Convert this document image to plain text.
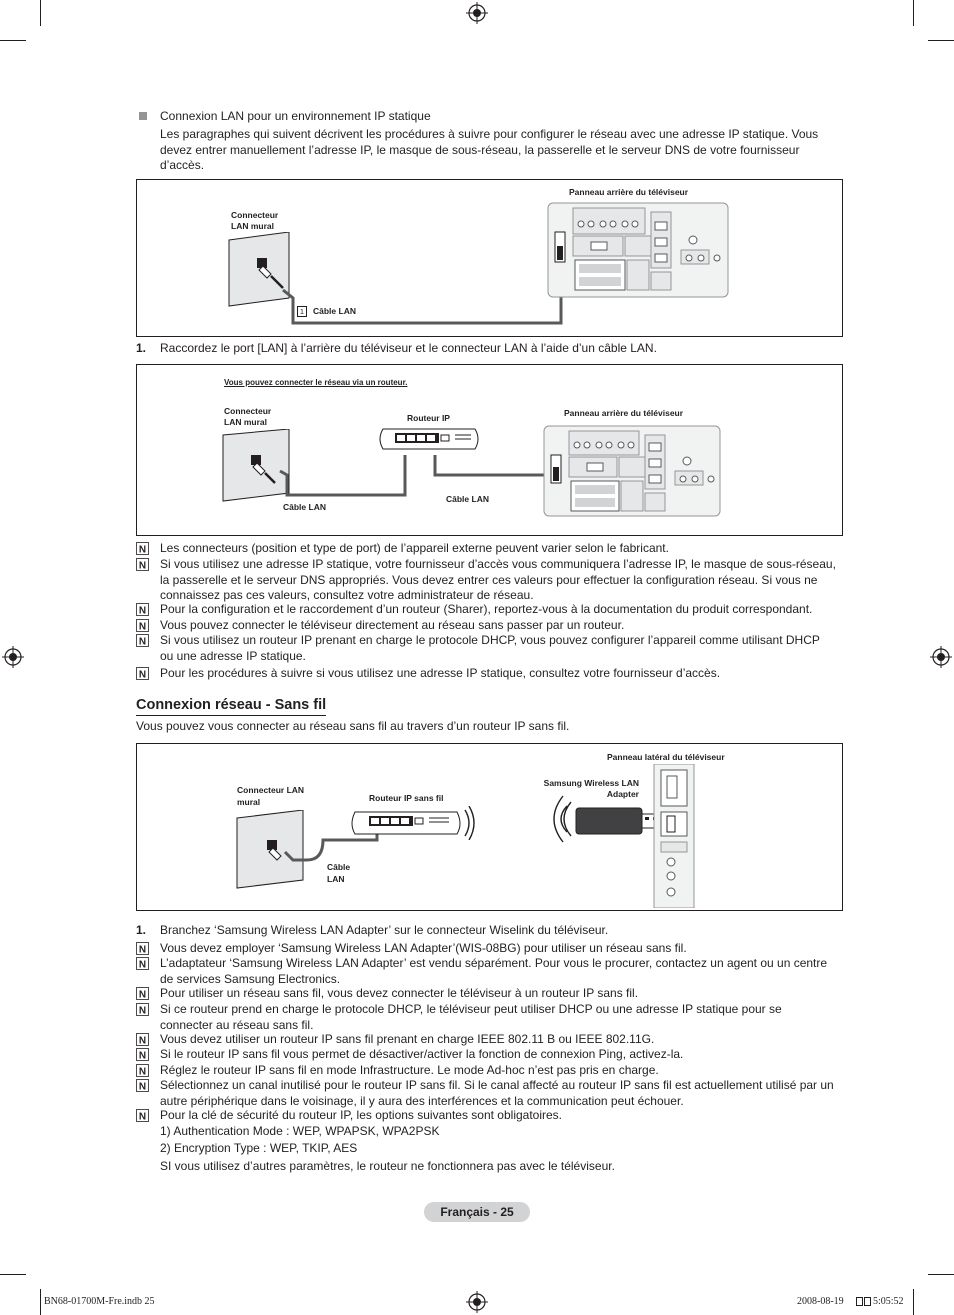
Connexion LAN pour un environnement IP statique
Les paragraphes qui suivent décrivent les procédures à suivre pour configurer le réseau avec une adresse IP statique. Vous devez entrer manuellement l’adresse IP, le masque de sous-réseau, la passerelle et le serveur DNS de votre fournisseur d’accès.
Panneau arrière du téléviseur
Connecteur
LAN mural
1	Câble LAN
1. Raccordez le port [LAN] à l’arrière du téléviseur et le connecteur LAN à l’aide d’un câble LAN.
Vous pouvez connecter le réseau via un routeur.
Connecteur
LAN mural	Routeur IP	Panneau arrière du téléviseur
Câble LAN
Câble LAN
N Les connecteurs (position et type de port) de l’appareil externe peuvent varier selon le fabricant.
N Si vous utilisez une adresse IP statique, votre fournisseur d’accès vous communiquera l’adresse IP, le masque de sous-réseau, la passerelle et le serveur DNS appropriés. Vous devez entrer ces valeurs pour effectuer la configuration réseau. Si vous ne connaissez pas ces valeurs, consultez votre administrateur de réseau.
N Pour la configuration et le raccordement d’un routeur (Sharer), reportez-vous à la documentation du produit correspondant.
N Vous pouvez connecter le téléviseur directement au réseau sans passer par un routeur.
N Si vous utilisez un routeur IP prenant en charge le protocole DHCP, vous pouvez configurer l’appareil comme utilisant DHCP ou une adresse IP statique.
N Pour les procédures à suivre si vous utilisez une adresse IP statique, consultez votre fournisseur d’accès.
Connexion réseau - Sans fil
Vous pouvez vous connecter au réseau sans fil au travers d’un routeur IP sans fil.
Panneau latéral du téléviseur
Samsung Wireless LAN
Adapter
Connecteur LAN
mural	Routeur IP sans fil
Câble
LAN
1. Branchez ‘Samsung Wireless LAN Adapter’ sur le connecteur Wiselink du téléviseur.
N Vous devez employer ‘Samsung Wireless LAN Adapter’(WIS-08BG) pour utiliser un réseau sans fil.
N L’adaptateur ‘Samsung Wireless LAN Adapter’ est vendu séparément. Pour vous le procurer, contactez un agent ou un centre de services Samsung Electronics.
N Pour utiliser un réseau sans fil, vous devez connecter le téléviseur à un routeur IP sans fil.
N Si ce routeur prend en charge le protocole DHCP, le téléviseur peut utiliser DHCP ou une adresse IP statique pour se connecter au réseau sans fil.
N Vous devez utiliser un routeur IP sans fil prenant en charge IEEE 802.11 B ou IEEE 802.11G.
N Si le routeur IP sans fil vous permet de désactiver/activer la fonction de connexion Ping, activez-la.
N Réglez le routeur IP sans fil en mode Infrastructure. Le mode Ad-hoc n’est pas pris en charge.
N Sélectionnez un canal inutilisé pour le routeur IP sans fil. Si le canal affecté au routeur IP sans fil est actuellement utilisé par un autre périphérique dans le voisinage, il y aura des interférences et la communication peut échouer.
N Pour la clé de sécurité du routeur IP, les options suivantes sont obligatoires.
1) Authentication Mode : WEP, WPAPSK, WPA2PSK
2) Encryption Type : WEP, TKIP, AES
SI vous utilisez d’autres paramètres, le routeur ne fonctionnera pas avec le téléviseur.
Français - 25
BN68-01700M-Fre.indb 25	2008-08-19	5:05:52
